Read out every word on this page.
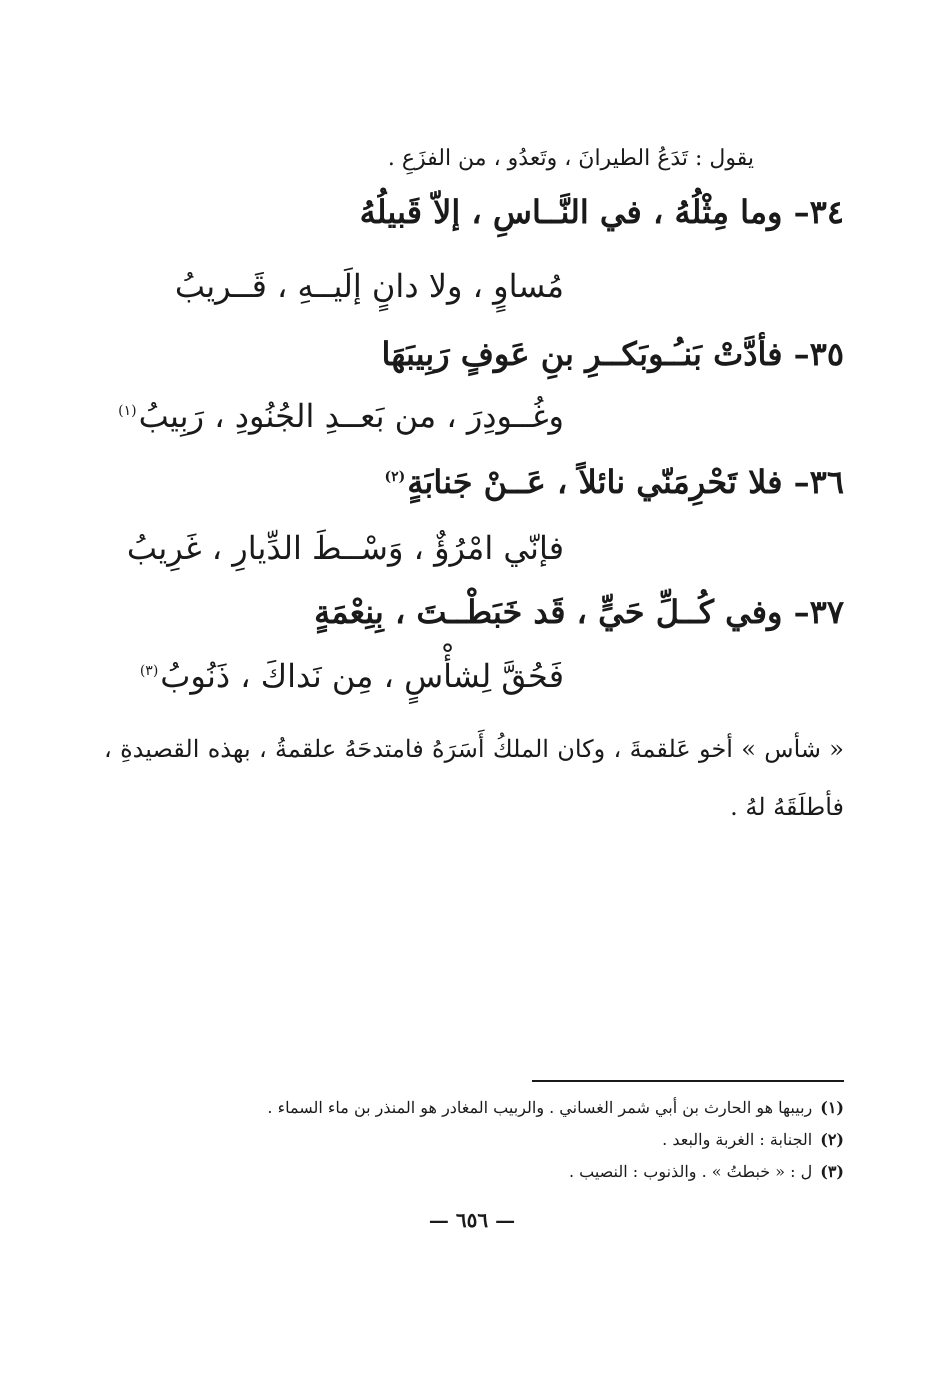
يقول : تَدَعُ الطيرانَ ، وتَعدُو ، من الفزَعِ .
٣٤– وما مِثْلُهُ ، في النَّــاسِ ، إلاّ قَبيلُهُ
مُساوٍ ، ولا دانٍ إلَيــهِ ، قَــريبُ
٣٥– فأدَّتْ بَنـُـوبَكــرِ بنِ عَوفٍ رَبِيبَهَا
وغُــودِرَ ، من بَعــدِ الجُنُودِ ، رَبِيبُ$^{(١)}$
٣٦– فلا تَحْرِمَنّي نائلاً ، عَــنْ جَنابَةٍ$^{(٢)}$
فإنّي امْرُؤٌ ، وَسْــطَ الدِّيارِ ، غَرِيبُ
٣٧– وفي كُــلِّ حَيٍّ ، قَد خَبَطْــتَ ، بِنِعْمَةٍ
فَحُقَّ لِشأْسٍ ، مِن نَداكَ ، ذَنُوبُ$^{(٣)}$
« شأس » أخو عَلقمةَ ، وكان الملكُ أَسَرَهُ فامتدحَهُ علقمةُ ، بهذه القصيدةِ ، فأطلَقَهُ لهُ .
(١)ربيبها هو الحارث بن أبي شمر الغساني . والربيب المغادر هو المنذر بن ماء السماء .
(٢)الجنابة : الغربة والبعد .
(٣)ل : « خبطتُ » . والذنوب : النصيب .
— ٦٥٦ —
